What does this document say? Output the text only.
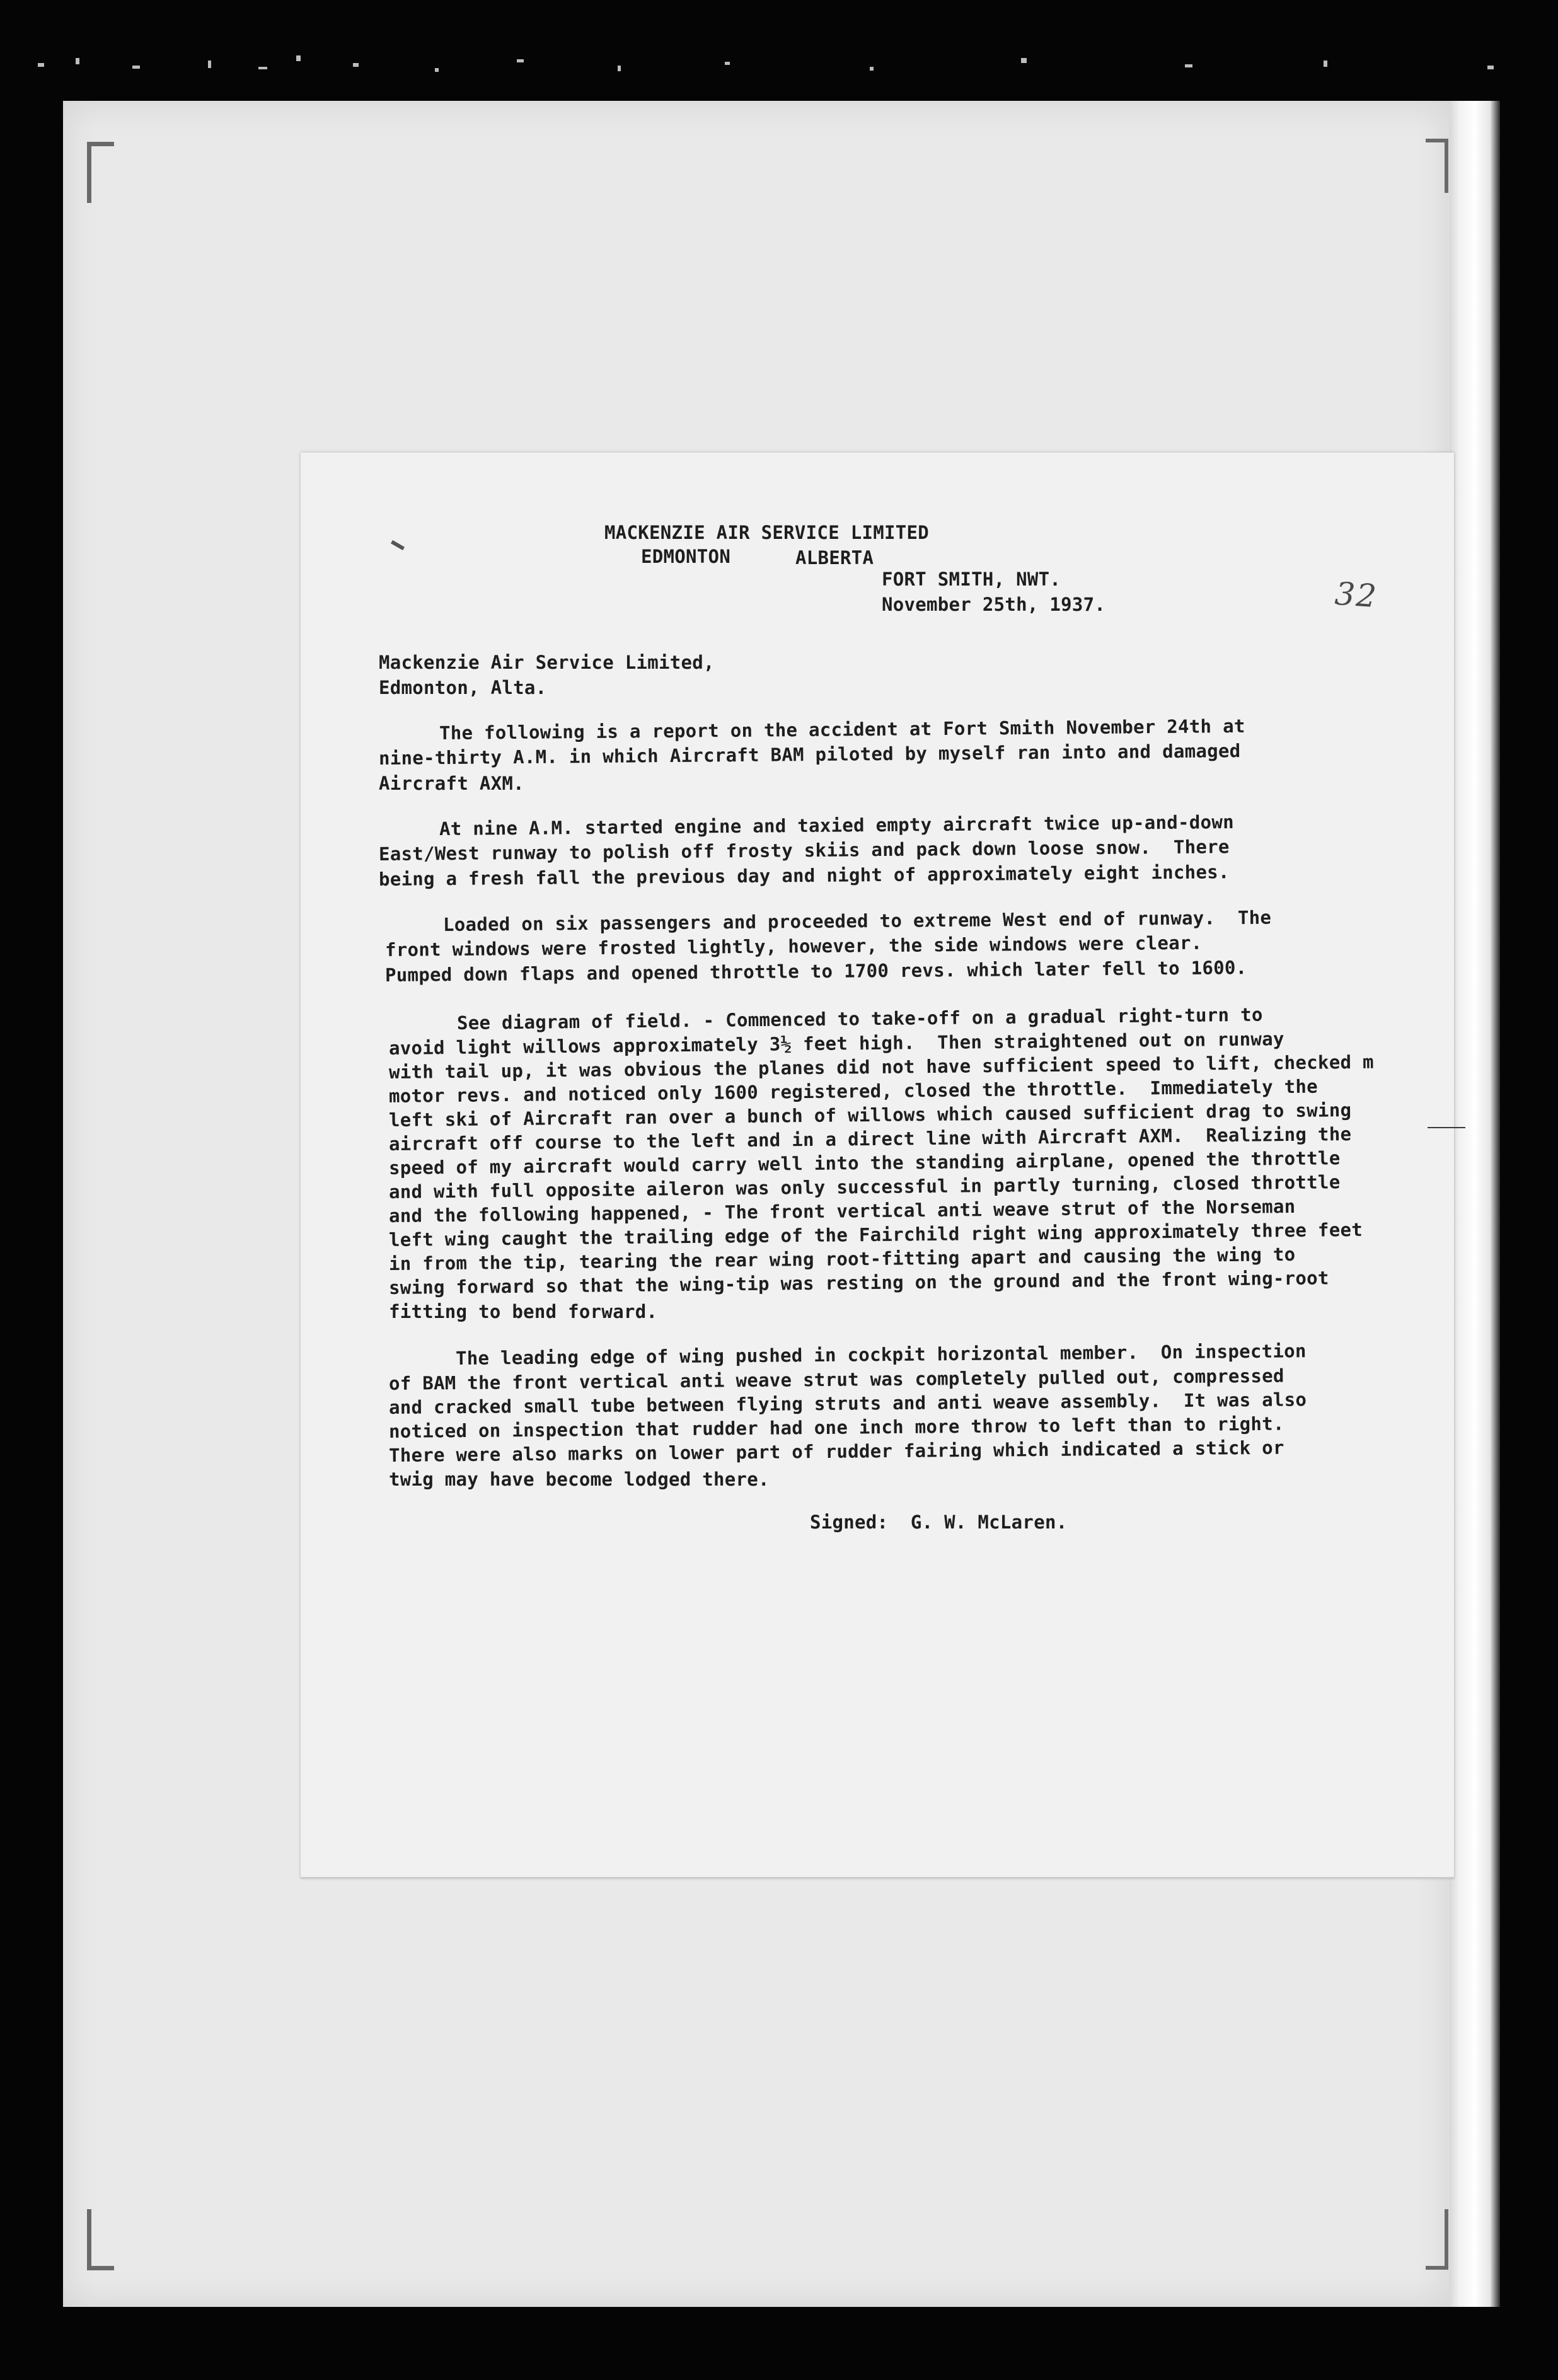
MACKENZIE AIR SERVICE LIMITED
EDMONTON	ALBERTA
FORT SMITH, NWT.
November 25th, 1937.
Mackenzie Air Service Limited,
Edmonton, Alta.
The following is a report on the accident at Fort Smith November 24th at
nine-thirty A.M. in which Aircraft BAM piloted by myself ran into and damaged
Aircraft AXM.
At nine A.M. started engine and taxied empty aircraft twice up-and-down
East/West runway to polish off frosty skiis and pack down loose snow.  There
being a fresh fall the previous day and night of approximately eight inches.
Loaded on six passengers and proceeded to extreme West end of runway.  The
front windows were frosted lightly, however, the side windows were clear.
Pumped down flaps and opened throttle to 1700 revs. which later fell to 1600.
See diagram of field. - Commenced to take-off on a gradual right-turn to
avoid light willows approximately 3½ feet high.  Then straightened out on runway
with tail up, it was obvious the planes did not have sufficient speed to lift, checked m
motor revs. and noticed only 1600 registered, closed the throttle.  Immediately the
left ski of Aircraft ran over a bunch of willows which caused sufficient drag to swing
aircraft off course to the left and in a direct line with Aircraft AXM.  Realizing the
speed of my aircraft would carry well into the standing airplane, opened the throttle
and with full opposite aileron was only successful in partly turning, closed throttle
and the following happened, - The front vertical anti weave strut of the Norseman
left wing caught the trailing edge of the Fairchild right wing approximately three feet
in from the tip, tearing the rear wing root-fitting apart and causing the wing to
swing forward so that the wing-tip was resting on the ground and the front wing-root
fitting to bend forward.
The leading edge of wing pushed in cockpit horizontal member.  On inspection
of BAM the front vertical anti weave strut was completely pulled out, compressed
and cracked small tube between flying struts and anti weave assembly.  It was also
noticed on inspection that rudder had one inch more throw to left than to right.
There were also marks on lower part of rudder fairing which indicated a stick or
twig may have become lodged there.
Signed:  G. W. McLaren.
32
